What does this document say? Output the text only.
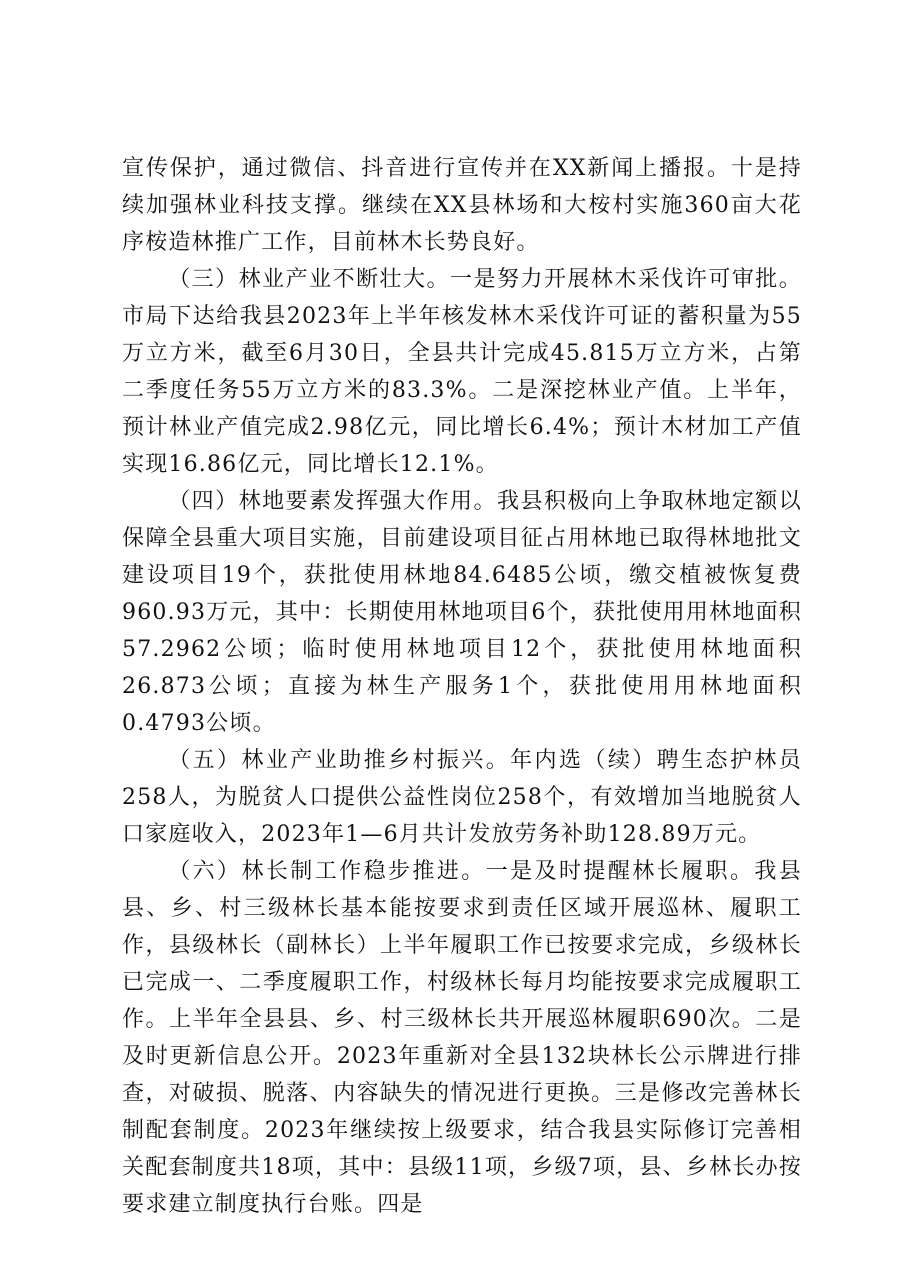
宣传保护，通过微信、抖音进行宣传并在XX新闻上播报。十是持续加强林业科技支撑。继续在XX县林场和大桉村实施360亩大花序桉造林推广工作，目前林木长势良好。

（三）林业产业不断壮大。一是努力开展林木采伐许可审批。市局下达给我县2023年上半年核发林木采伐许可证的蓄积量为55万立方米，截至6月30日，全县共计完成45.815万立方米，占第二季度任务55万立方米的83.3%。二是深挖林业产值。上半年，预计林业产值完成2.98亿元，同比增长6.4%；预计木材加工产值实现16.86亿元，同比增长12.1%。

（四）林地要素发挥强大作用。我县积极向上争取林地定额以保障全县重大项目实施，目前建设项目征占用林地已取得林地批文建设项目19个，获批使用林地84.6485公顷，缴交植被恢复费960.93万元，其中：长期使用林地项目6个，获批使用用林地面积57.2962公顷；临时使用林地项目12个，获批使用林地面积26.873公顷；直接为林生产服务1个，获批使用用林地面积0.4793公顷。

（五）林业产业助推乡村振兴。年内选（续）聘生态护林员258人，为脱贫人口提供公益性岗位258个，有效增加当地脱贫人口家庭收入，2023年1—6月共计发放劳务补助128.89万元。

（六）林长制工作稳步推进。一是及时提醒林长履职。我县县、乡、村三级林长基本能按要求到责任区域开展巡林、履职工作，县级林长（副林长）上半年履职工作已按要求完成，乡级林长已完成一、二季度履职工作，村级林长每月均能按要求完成履职工作。上半年全县县、乡、村三级林长共开展巡林履职690次。二是及时更新信息公开。2023年重新对全县132块林长公示牌进行排查，对破损、脱落、内容缺失的情况进行更换。三是修改完善林长制配套制度。2023年继续按上级要求，结合我县实际修订完善相关配套制度共18项，其中：县级11项，乡级7项，县、乡林长办按要求建立制度执行台账。四是
